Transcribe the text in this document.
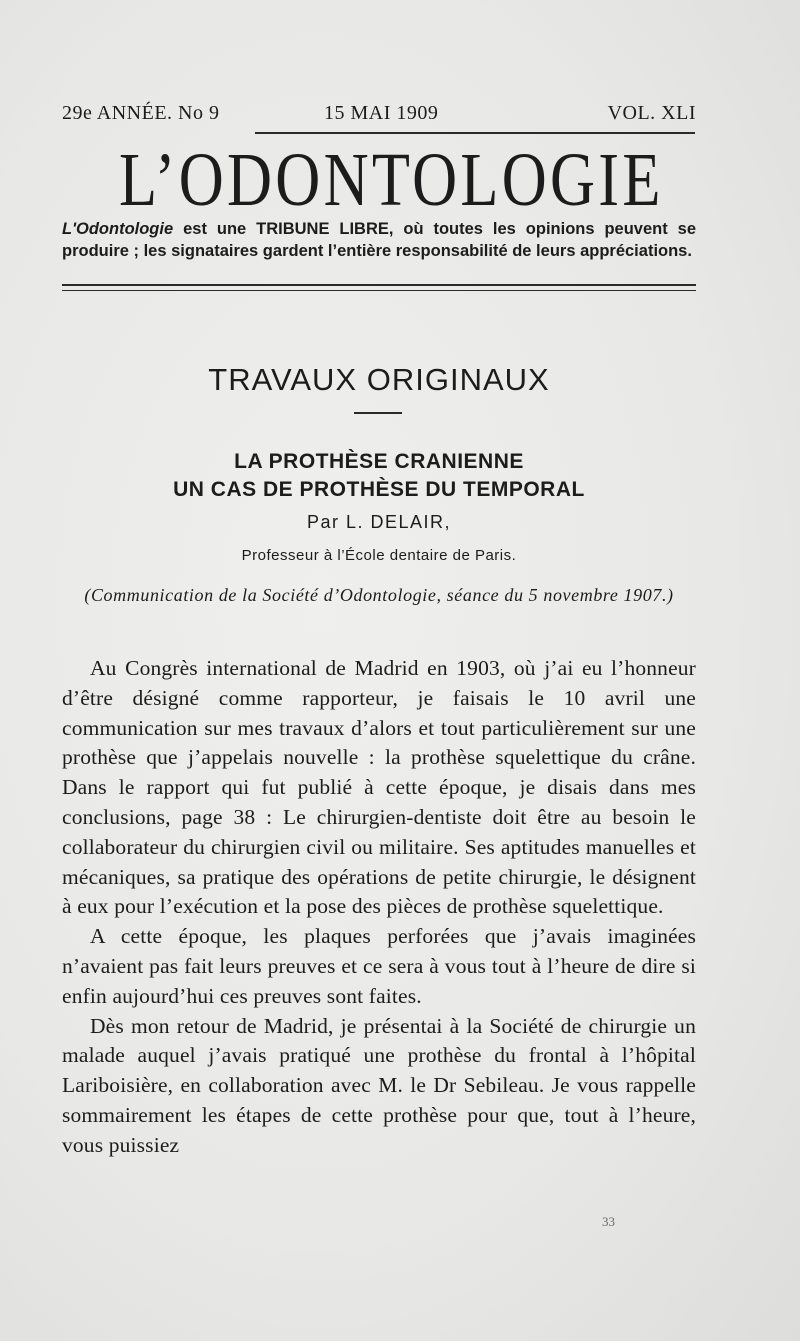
29e ANNÉE. No 9	15 MAI 1909	VOL. XLI
L’ODONTOLOGIE
L'Odontologie est une TRIBUNE LIBRE, où toutes les opinions peuvent se produire ; les signataires gardent l’entière responsabilité de leurs appréciations.
TRAVAUX ORIGINAUX
LA PROTHÈSE CRANIENNE
UN CAS DE PROTHÈSE DU TEMPORAL
Par L. DELAIR,
Professeur à l’École dentaire de Paris.
(Communication de la Société d’Odontologie, séance du 5 novembre 1907.)

Au Congrès international de Madrid en 1903, où j’ai eu l’honneur d’être désigné comme rapporteur, je faisais le 10 avril une communication sur mes travaux d’alors et tout particulièrement sur une prothèse que j’appelais nouvelle : la prothèse squelettique du crâne. Dans le rapport qui fut publié à cette époque, je disais dans mes conclusions, page 38 : Le chirurgien-dentiste doit être au besoin le collaborateur du chirurgien civil ou militaire. Ses aptitudes manuelles et mécaniques, sa pratique des opérations de petite chirurgie, le désignent à eux pour l’exécution et la pose des pièces de prothèse squelettique.

A cette époque, les plaques perforées que j’avais imaginées n’avaient pas fait leurs preuves et ce sera à vous tout à l’heure de dire si enfin aujourd’hui ces preuves sont faites.

Dès mon retour de Madrid, je présentai à la Société de chirurgie un malade auquel j’avais pratiqué une prothèse du frontal à l’hôpital Lariboisière, en collaboration avec M. le Dr Sebileau. Je vous rappelle sommairement les étapes de cette prothèse pour que, tout à l’heure, vous puissiez

33
